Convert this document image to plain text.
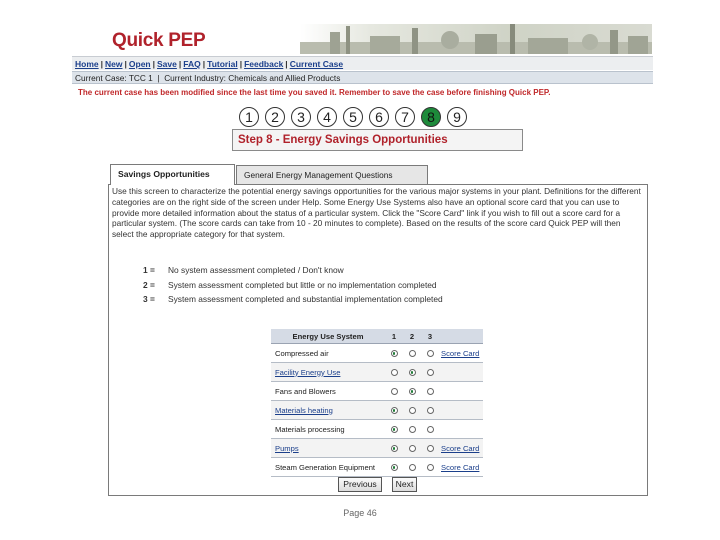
Quick PEP
Home | New | Open | Save | FAQ | Tutorial | Feedback | Current Case
Current Case: TCC 1  |  Current Industry: Chemicals and Allied Products
The current case has been modified since the last time you saved it. Remember to save the case before finishing Quick PEP.
1	2	3	4	5	6	7	8	9
Step 8 - Energy Savings Opportunities
Savings Opportunities	General Energy Management Questions
Use this screen to characterize the potential energy savings opportunities for the various major systems in your plant. Definitions for the different categories are on the right side of the screen under Help. Some Energy Use Systems also have an optional score card that you can use to provide more detailed information about the status of a particular system. Click the "Score Card" link if you wish to fill out a score card for a particular system. (The score cards can take from 10 - 20 minutes to complete). Based on the results of the score card Quick PEP will then select the appropriate category for that system.
1 = No system assessment completed / Don't know
2 = System assessment completed but little or no implementation completed
3 = System assessment completed and substantial implementation completed
Energy Use System	1	2	3	
Compressed air				Score Card
Facility Energy Use				
Fans and Blowers				
Materials heating				
Materials processing				
Pumps				Score Card
Steam Generation Equipment				Score Card
Previous	Next
Page 46
